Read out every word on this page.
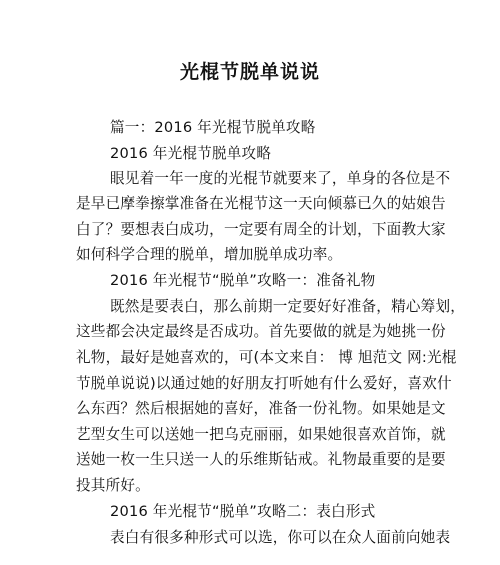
光棍节脱单说说
篇一：2016 年光棍节脱单攻略
2016 年光棍节脱单攻略
眼见着一年一度的光棍节就要来了，单身的各位是不
是早已摩拳擦掌准备在光棍节这一天向倾慕已久的姑娘告
白了？要想表白成功，一定要有周全的计划，下面教大家
如何科学合理的脱单，增加脱单成功率。
2016 年光棍节“脱单”攻略一：准备礼物
既然是要表白，那么前期一定要好好准备，精心筹划，
这些都会决定最终是否成功。首先要做的就是为她挑一份
礼物，最好是她喜欢的，可(本文来自： 博 旭范文 网:光棍
节脱单说说)以通过她的好朋友打听她有什么爱好，喜欢什
么东西？然后根据她的喜好，准备一份礼物。如果她是文
艺型女生可以送她一把乌克丽丽，如果她很喜欢首饰，就
送她一枚一生只送一人的乐维斯钻戒。礼物最重要的是要
投其所好。
2016 年光棍节“脱单”攻略二：表白形式
表白有很多种形式可以选，你可以在众人面前向她表
